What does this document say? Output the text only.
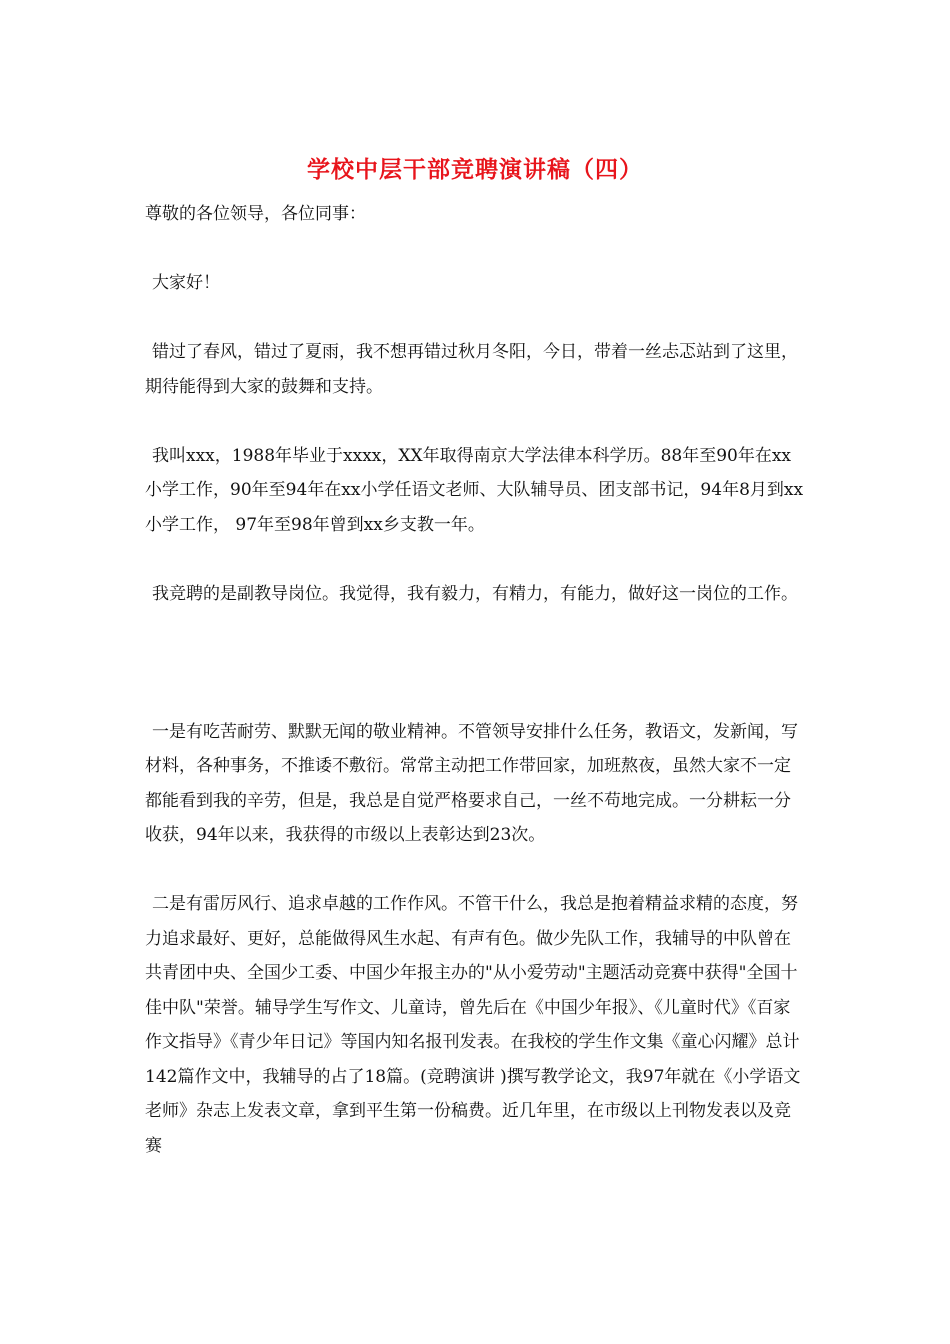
学校中层干部竞聘演讲稿（四）

尊敬的各位领导，各位同事：

大家好！

错过了春风，错过了夏雨，我不想再错过秋月冬阳，今日，带着一丝忐忑站到了这里，期待能得到大家的鼓舞和支持。

我叫xxx，1988年毕业于xxxx，XX年取得南京大学法律本科学历。88年至90年在xx小学工作，90年至94年在xx小学任语文老师、大队辅导员、团支部书记，94年8月到xx小学工作， 97年至98年曾到xx乡支教一年。

我竞聘的是副教导岗位。我觉得，我有毅力，有精力，有能力，做好这一岗位的工作。

一是有吃苦耐劳、默默无闻的敬业精神。不管领导安排什么任务，教语文，发新闻，写材料，各种事务，不推诿不敷衍。常常主动把工作带回家，加班熬夜，虽然大家不一定都能看到我的辛劳，但是，我总是自觉严格要求自己，一丝不苟地完成。一分耕耘一分收获，94年以来，我获得的市级以上表彰达到23次。

二是有雷厉风行、追求卓越的工作作风。不管干什么，我总是抱着精益求精的态度，努力追求最好、更好，总能做得风生水起、有声有色。做少先队工作，我辅导的中队曾在共青团中央、全国少工委、中国少年报主办的"从小爱劳动"主题活动竞赛中获得"全国十佳中队"荣誉。辅导学生写作文、儿童诗，曾先后在《中国少年报》、《儿童时代》《百家作文指导》《青少年日记》等国内知名报刊发表。在我校的学生作文集《童心闪耀》总计142篇作文中，我辅导的占了18篇。(竞聘演讲 )撰写教学论文，我97年就在《小学语文老师》杂志上发表文章，拿到平生第一份稿费。近几年里，在市级以上刊物发表以及竞赛
